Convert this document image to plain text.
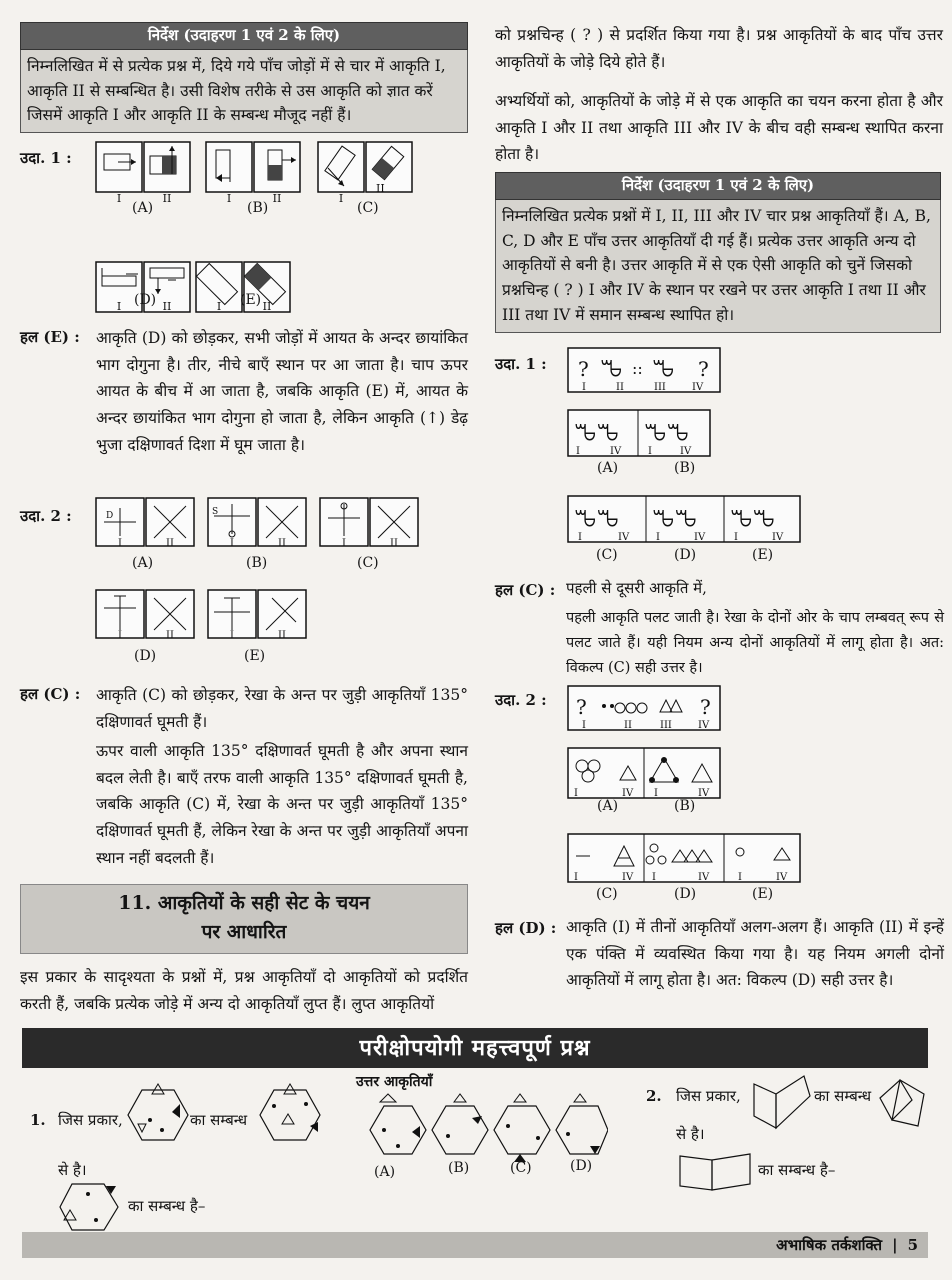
निर्देश (उदाहरण 1 एवं 2 के लिए)
निम्नलिखित में से प्रत्येक प्रश्न में, दिये गये पाँच जोड़ों में से चार में आकृति I, आकृति II से सम्बन्धित है। उसी विशेष तरीके से उस आकृति को ज्ञात करें जिसमें आकृति I और आकृति II के सम्बन्ध मौजूद नहीं हैं।
उदा. 1 :
I	II	I	II	I
II
I	II	I	II
(A)	(B)	(C)
(D)	(E)
हल (E) : आकृति (D) को छोड़कर, सभी जोड़ों में आयत के अन्दर छायांकित भाग दोगुना है। तीर, नीचे बाएँ स्थान पर आ जाता है। चाप ऊपर आयत के बीच में आ जाता है, जबकि आकृति (E) में, आयत के अन्दर छायांकित भाग दोगुना हो जाता है, लेकिन आकृति (↑) डेढ़ भुजा दक्षिणावर्त दिशा में घूम जाता है।

उदा. 2 :	D
I	II
S
I	II	I	II
I	II	I	II
(A)	(B)	(C)
(D)	(E)
हल (C) : आकृति (C) को छोड़कर, रेखा के अन्त पर जुड़ी आकृतियाँ 135° दक्षिणावर्त घूमती हैं।

ऊपर वाली आकृति 135° दक्षिणावर्त घूमती है और अपना स्थान बदल लेती है। बाएँ तरफ वाली आकृति 135° दक्षिणावर्त घूमती है, जबकि आकृति (C) में, रेखा के अन्त पर जुड़ी आकृतियाँ 135° दक्षिणावर्त घूमती हैं, लेकिन रेखा के अन्त पर जुड़ी आकृतियाँ अपना स्थान नहीं बदलती हैं।

11. आकृतियों के सही सेट के चयन
पर आधारित

इस प्रकार के सादृश्यता के प्रश्नों में, प्रश्न आकृतियाँ दो आकृतियों को प्रदर्शित करती हैं, जबकि प्रत्येक जोड़े में अन्य दो आकृतियाँ लुप्त हैं। लुप्त आकृतियों

को प्रश्नचिन्ह ( ? ) से प्रदर्शित किया गया है। प्रश्न आकृतियों के बाद पाँच उत्तर आकृतियों के जोड़े दिये होते हैं।

अभ्यर्थियों को, आकृतियों के जोड़े में से एक आकृति का चयन करना होता है और आकृति I और II तथा आकृति III और IV के बीच वही सम्बन्ध स्थापित करना होता है।

निर्देश (उदाहरण 1 एवं 2 के लिए)
निम्नलिखित प्रत्येक प्रश्नों में I, II, III और IV चार प्रश्न आकृतियाँ हैं। A, B, C, D और E पाँच उत्तर आकृतियाँ दी गई हैं। प्रत्येक उत्तर आकृति अन्य दो आकृतियों से बनी है। उत्तर आकृति में से एक ऐसी आकृति को चुनें जिसको प्रश्नचिन्ह ( ? ) I और IV के स्थान पर रखने पर उत्तर आकृति I तथा II और III तथा IV में समान सम्बन्ध स्थापित हो।
उदा. 1 : ? ꘛ :: ꘛ ?
I	II	III	IV
ꘛꘛ ꘛꘛ
I	IV	I	IV
(A)	(B)
ꘛꘛ ꘛꘛ ꘛꘛ
I	IV	I	IV	I	IV
(C)	(D)	(E)
हल (C) : पहली से दूसरी आकृति में,

पहली आकृति पलट जाती है। रेखा के दोनों ओर के चाप लम्बवत् रूप से पलट जाते हैं। यही नियम अन्य दोनों आकृतियों में लागू होता है। अत: विकल्प (C) सही उत्तर है।

उदा. 2 : ?	?
I	II	III	IV
I	IV I	IV
(A)	(B)
I	IV I	IV	I	IV
(C)	(D)	(E)
हल (D) : आकृति (I) में तीनों आकृतियाँ अलग-अलग हैं। आकृति (II) में इन्हें एक पंक्ति में व्यवस्थित किया गया है। यह नियम अगली दोनों आकृतियों में लागू होता है। अत: विकल्प (D) सही उत्तर है।

परीक्षोपयोगी महत्त्वपूर्ण प्रश्न
उत्तर आकृतियाँ
1. जिस प्रकार,	का सम्बन्ध
से है।
का सम्बन्ध है–
(A)	(B)	(C)	(D)
2. जिस प्रकार,	का सम्बन्ध
से है।
का सम्बन्ध है–
अभाषिक तर्कशक्ति | 5
